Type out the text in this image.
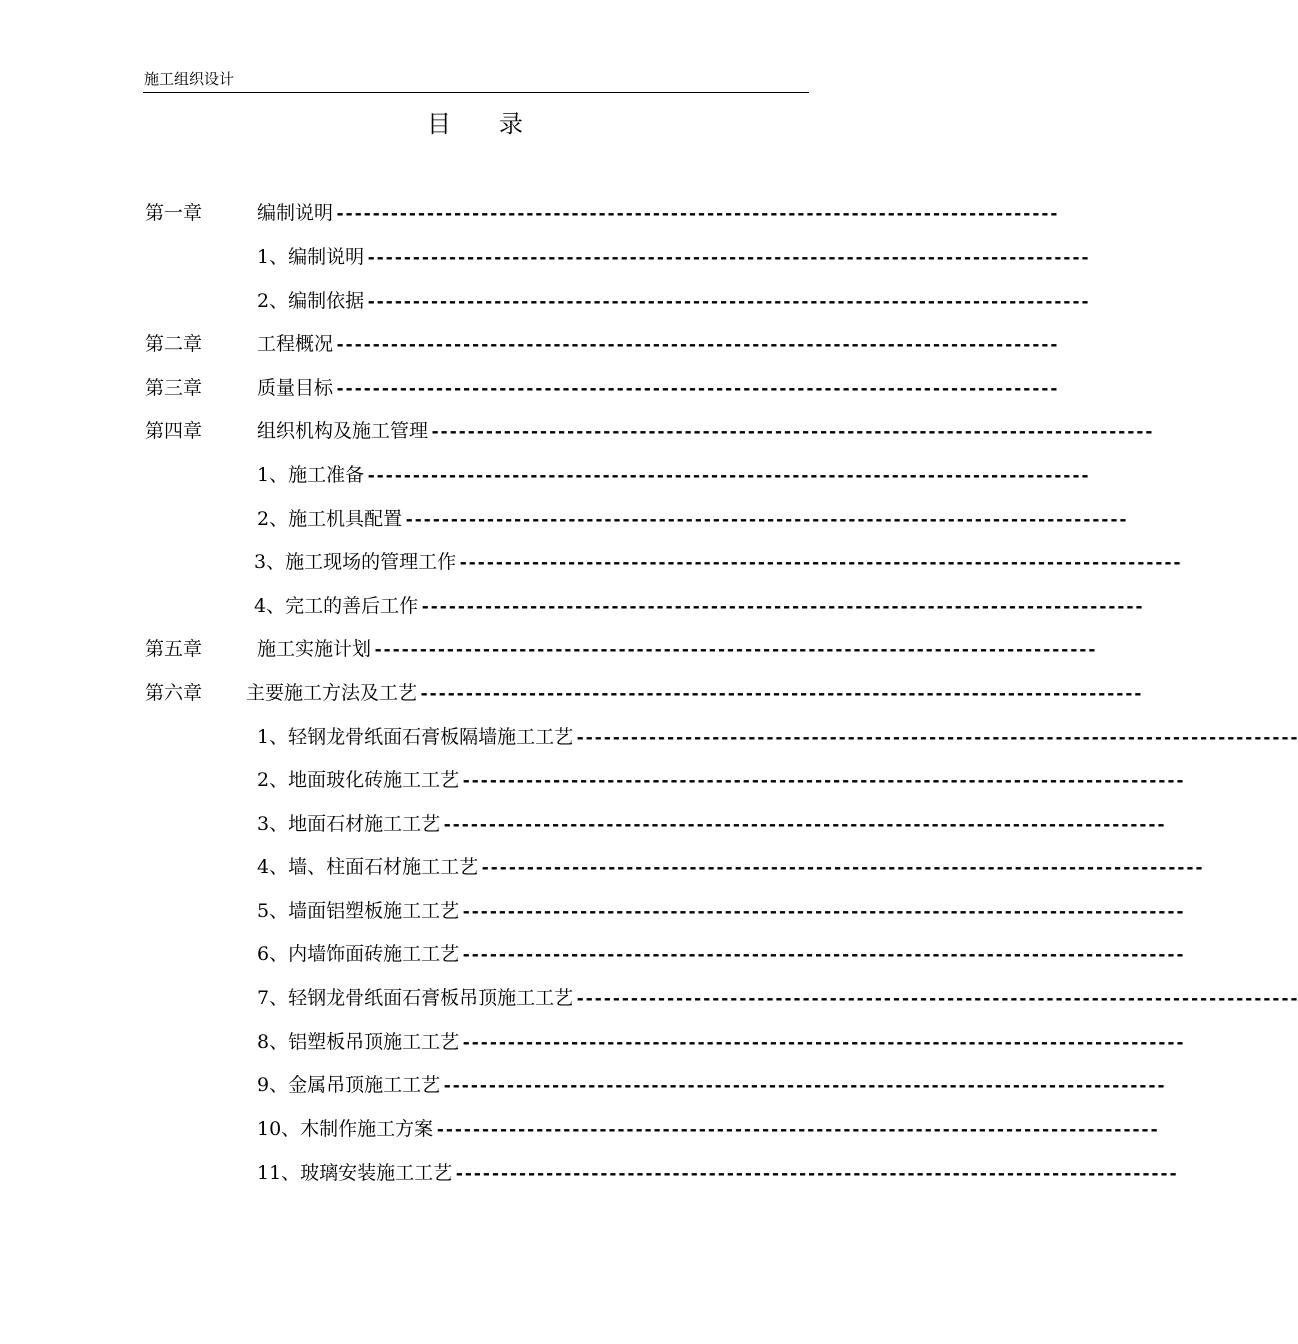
施工组织设计
目录
第一章	编制说明 --------------------------------------------------------------------------------
1、编制说明 --------------------------------------------------------------------------------
2、编制依据 --------------------------------------------------------------------------------
第二章	工程概况 --------------------------------------------------------------------------------
第三章	质量目标 --------------------------------------------------------------------------------
第四章	组织机构及施工管理 --------------------------------------------------------------------------------
1、施工准备 --------------------------------------------------------------------------------
2、施工机具配置 --------------------------------------------------------------------------------
3、施工现场的管理工作 --------------------------------------------------------------------------------
4、完工的善后工作 --------------------------------------------------------------------------------
第五章	施工实施计划 --------------------------------------------------------------------------------
第六章 主要施工方法及工艺 --------------------------------------------------------------------------------
1、轻钢龙骨纸面石膏板隔墙施工工艺 --------------------------------------------------------------------------------
2、地面玻化砖施工工艺 --------------------------------------------------------------------------------
3、地面石材施工工艺 --------------------------------------------------------------------------------
4、墙、柱面石材施工工艺 --------------------------------------------------------------------------------
5、墙面铝塑板施工工艺 --------------------------------------------------------------------------------
6、内墙饰面砖施工工艺 --------------------------------------------------------------------------------
7、轻钢龙骨纸面石膏板吊顶施工工艺 --------------------------------------------------------------------------------
8、铝塑板吊顶施工工艺 --------------------------------------------------------------------------------
9、金属吊顶施工工艺 --------------------------------------------------------------------------------
10、木制作施工方案 --------------------------------------------------------------------------------
11、玻璃安装施工工艺 --------------------------------------------------------------------------------
